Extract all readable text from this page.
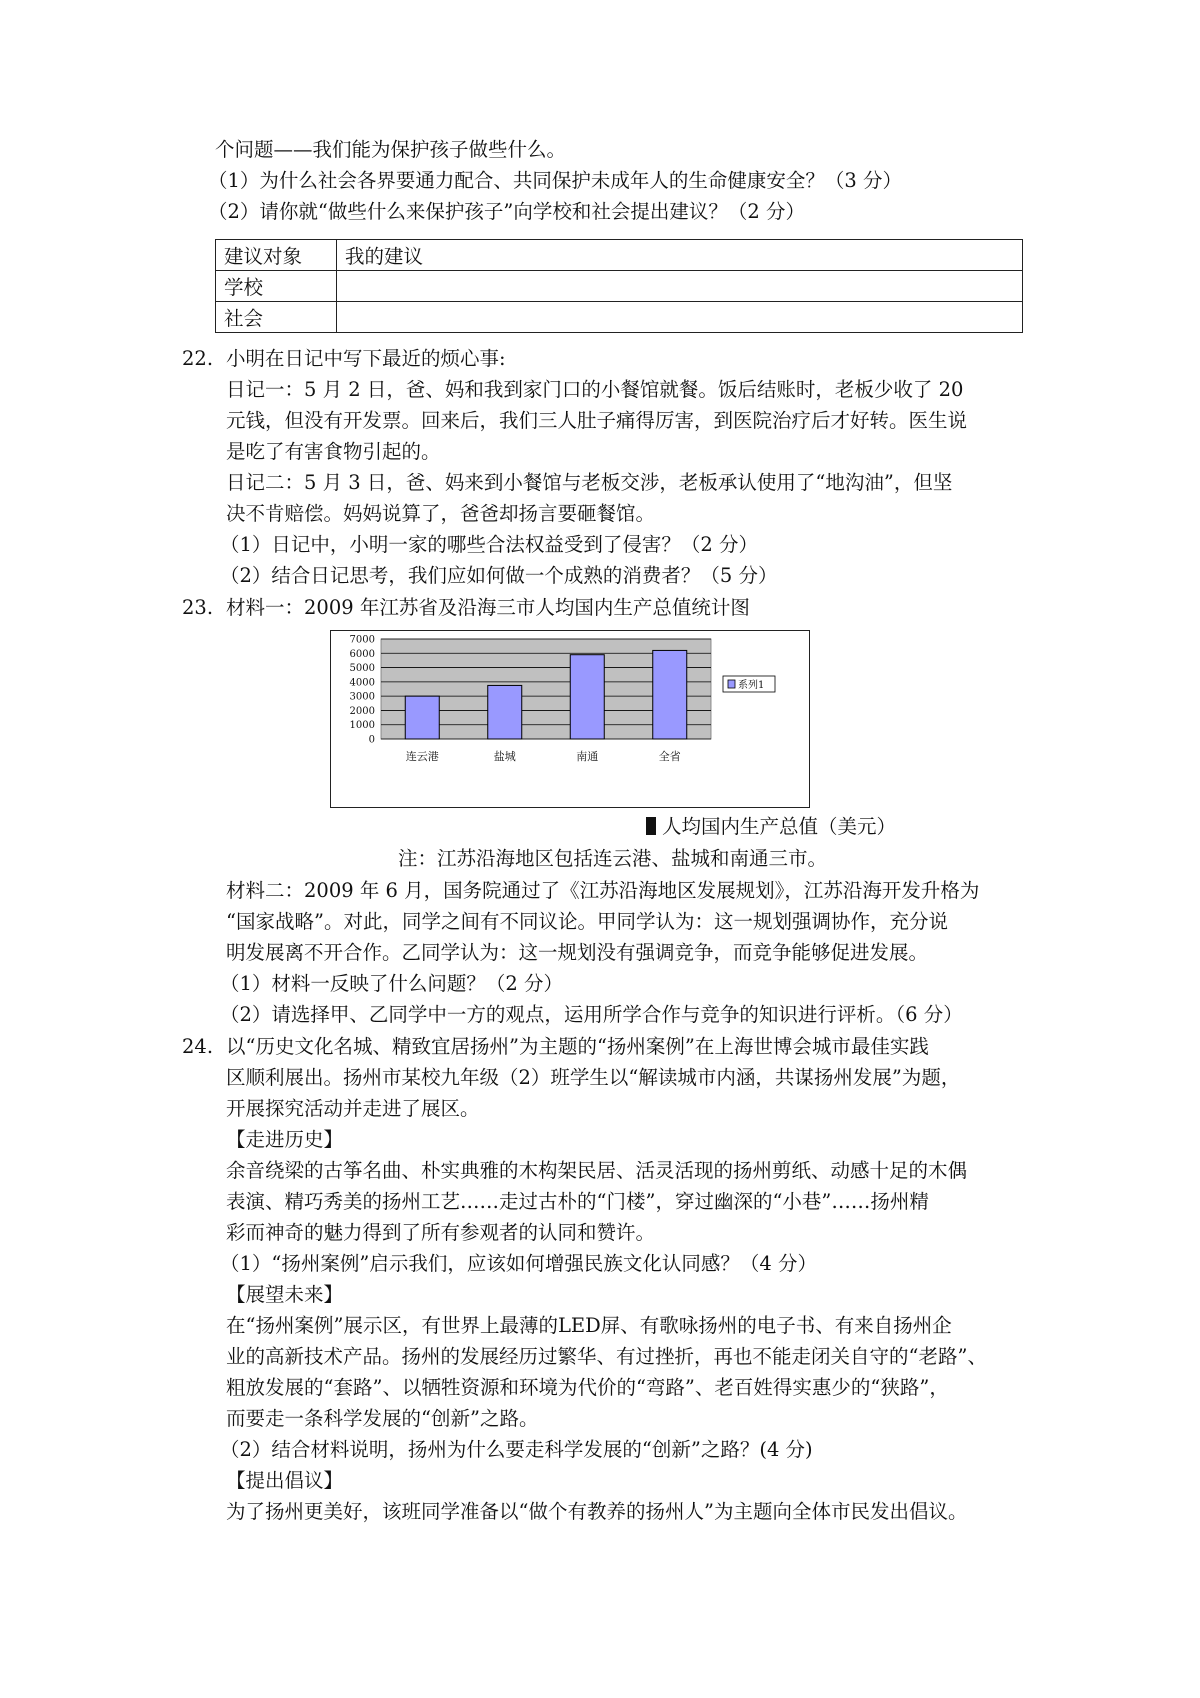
个问题——我们能为保护孩子做些什么。
（1）为什么社会各界要通力配合、共同保护未成年人的生命健康安全？（3 分）
（2）请你就“做些什么来保护孩子”向学校和社会提出建议？（2 分）
建议对象	我的建议
学校	
社会	
22. 小明在日记中写下最近的烦心事:
日记一：5 月 2 日，爸、妈和我到家门口的小餐馆就餐。饭后结账时，老板少收了 20
元钱，但没有开发票。回来后，我们三人肚子痛得厉害，到医院治疗后才好转。医生说
是吃了有害食物引起的。
日记二：5 月 3 日，爸、妈来到小餐馆与老板交涉，老板承认使用了“地沟油”，但坚
决不肯赔偿。妈妈说算了，爸爸却扬言要砸餐馆。
（1）日记中，小明一家的哪些合法权益受到了侵害？（2 分）
（2）结合日记思考，我们应如何做一个成熟的消费者？（5 分）
23. 材料一：2009 年江苏省及沿海三市人均国内生产总值统计图
0
1000
2000
3000
4000
5000
6000
7000
连云港	盐城	南通	全省
系列1
人均国内生产总值（美元）
注：江苏沿海地区包括连云港、盐城和南通三市。
材料二：2009 年 6 月，国务院通过了《江苏沿海地区发展规划》，江苏沿海开发升格为
“国家战略”。对此，同学之间有不同议论。甲同学认为：这一规划强调协作，充分说
明发展离不开合作。乙同学认为：这一规划没有强调竞争，而竞争能够促进发展。
（1）材料一反映了什么问题？（2 分）
（2）请选择甲、乙同学中一方的观点，运用所学合作与竞争的知识进行评析。（6 分）
24. 以“历史文化名城、精致宜居扬州”为主题的“扬州案例”在上海世博会城市最佳实践
区顺利展出。扬州市某校九年级（2）班学生以“解读城市内涵，共谋扬州发展”为题，
开展探究活动并走进了展区。
【走进历史】
余音绕梁的古筝名曲、朴实典雅的木构架民居、活灵活现的扬州剪纸、动感十足的木偶
表演、精巧秀美的扬州工艺……走过古朴的“门楼”，穿过幽深的“小巷”……扬州精
彩而神奇的魅力得到了所有参观者的认同和赞许。
（1）“扬州案例”启示我们，应该如何增强民族文化认同感？（4 分）
【展望未来】
在“扬州案例”展示区，有世界上最薄的LED屏、有歌咏扬州的电子书、有来自扬州企
业的高新技术产品。扬州的发展经历过繁华、有过挫折，再也不能走闭关自守的“老路”、
粗放发展的“套路”、以牺牲资源和环境为代价的“弯路”、老百姓得实惠少的“狭路”，
而要走一条科学发展的“创新”之路。
（2）结合材料说明，扬州为什么要走科学发展的“创新”之路？(4 分)
【提出倡议】
为了扬州更美好，该班同学准备以“做个有教养的扬州人”为主题向全体市民发出倡议。
